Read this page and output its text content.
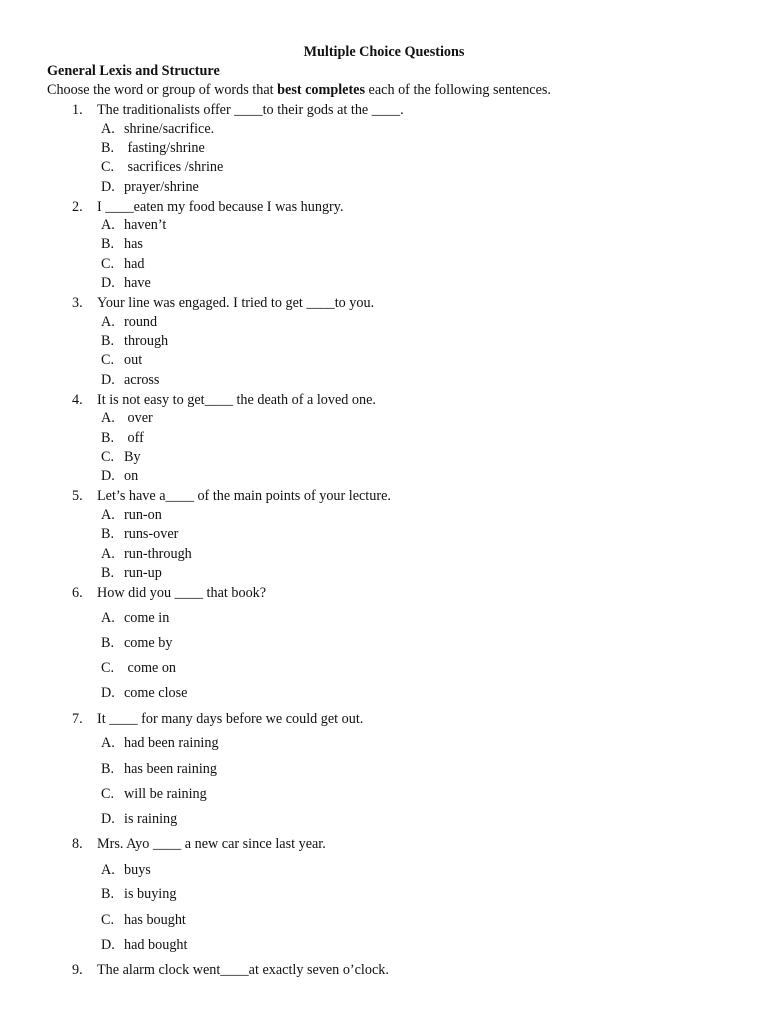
Multiple Choice Questions
General Lexis and Structure
Choose the word or group of words that best completes each of the following sentences.
1. The traditionalists offer ____to their gods at the ____.
A. shrine/sacrifice.
B. fasting/shrine
C. sacrifices /shrine
D. prayer/shrine
2. I ____eaten my food because I was hungry.
A. haven’t
B. has
C. had
D. have
3. Your line was engaged. I tried to get ____to you.
A. round
B. through
C. out
D. across
4. It is not easy to get____ the death of a loved one.
A. over
B. off
C. By
D. on
5. Let’s have a____ of the main points of your lecture.
A. run-on
B. runs-over
A. run-through
B. run-up
6. How did you ____ that book?
A. come in
B. come by
C. come on
D. come close
7. It ____ for many days before we could get out.
A. had been raining
B. has been raining
C. will be raining
D. is raining
8. Mrs. Ayo ____ a new car since last year.
A. buys
B. is buying
C. has bought
D. had bought
9. The alarm clock went____at exactly seven o’clock.
